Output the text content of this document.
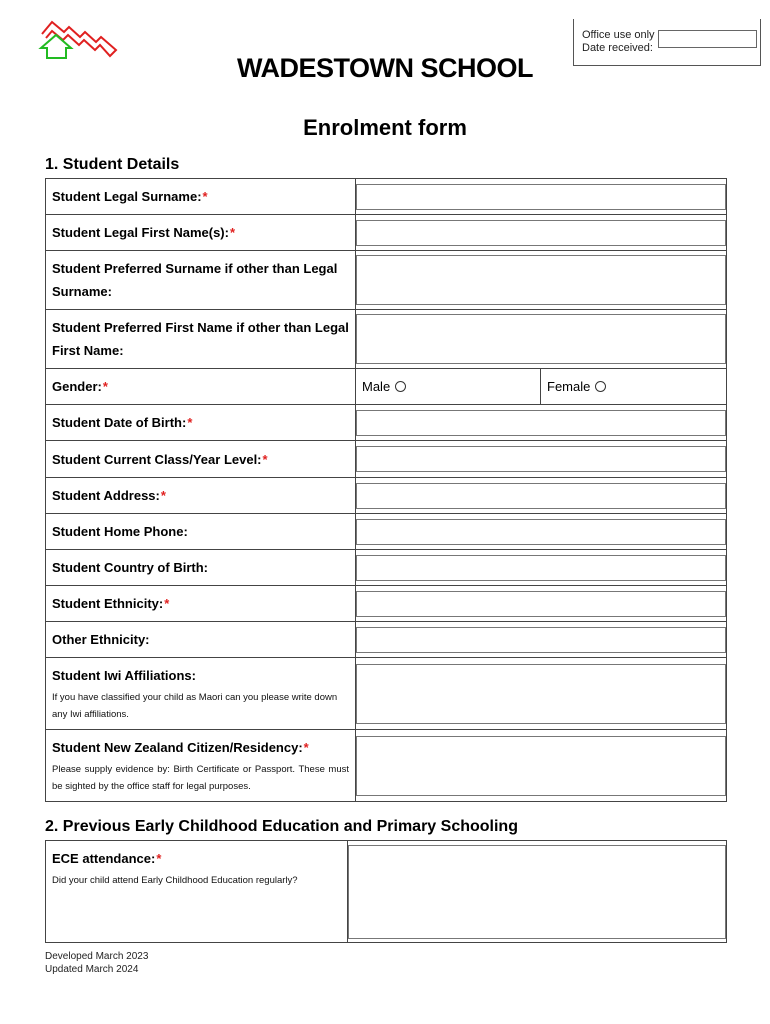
Office use only
Date received:
WADESTOWN SCHOOL
Enrolment form
1. Student Details
Student Legal Surname:*		

Student Legal First Name(s):*		

Student Preferred Surname if other than Legal Surname:		

Student Preferred First Name if other than Legal First Name:		

Gender:*	Male	Female
Student Date of Birth:*		

Student Current Class/Year Level:*		

Student Address:*		

Student Home Phone:		

Student Country of Birth:		

Student Ethnicity:*		

Other Ethnicity:		

Student Iwi Affiliations:
If you have classified your child as Maori can you please write down any Iwi affiliations.		

Student New Zealand Citizen/Residency:*
Please supply evidence by: Birth Certificate or Passport. These must be sighted by the office staff for legal purposes.		

2. Previous Early Childhood Education and Primary Schooling
ECE attendance:*
Did your child attend Early Childhood Education regularly?

Developed March 2023
Updated March 2024
